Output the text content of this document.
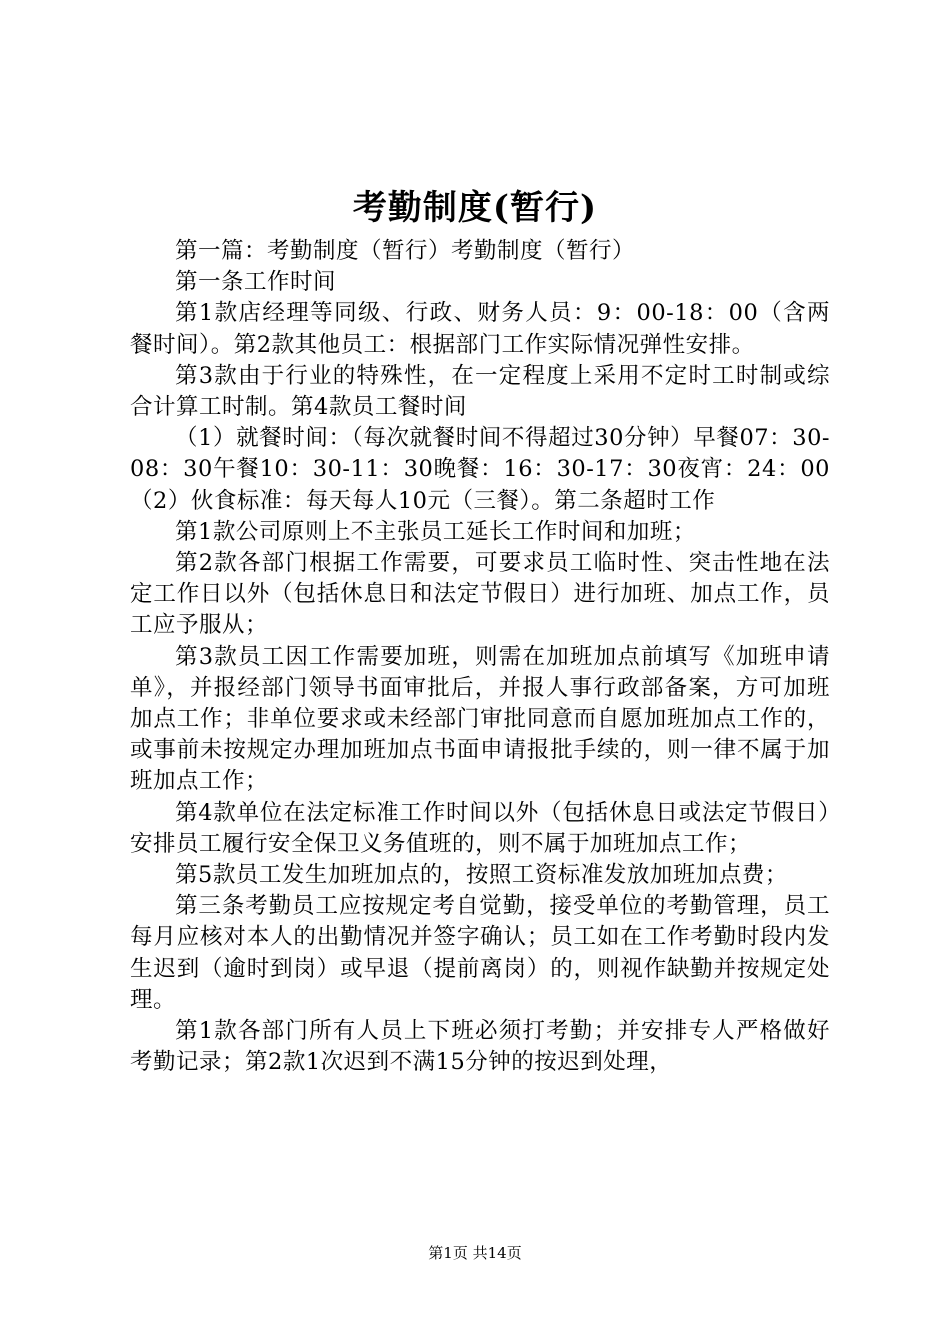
考勤制度(暂行)

第一篇：考勤制度（暂行）考勤制度（暂行）

第一条工作时间

第1款店经理等同级、行政、财务人员：9：00-18：00（含两餐时间）。第2款其他员工：根据部门工作实际情况弹性安排。

第3款由于行业的特殊性，在一定程度上采用不定时工时制或综合计算工时制。第4款员工餐时间

（1）就餐时间：（每次就餐时间不得超过30分钟）早餐07：30-08：30午餐10：30-11：30晚餐：16：30-17：30夜宵：24：00（2）伙食标准：每天每人10元（三餐）。第二条超时工作

第1款公司原则上不主张员工延长工作时间和加班；

第2款各部门根据工作需要，可要求员工临时性、突击性地在法定工作日以外（包括休息日和法定节假日）进行加班、加点工作，员工应予服从；

第3款员工因工作需要加班，则需在加班加点前填写《加班申请单》，并报经部门领导书面审批后，并报人事行政部备案，方可加班加点工作；非单位要求或未经部门审批同意而自愿加班加点工作的，或事前未按规定办理加班加点书面申请报批手续的，则一律不属于加班加点工作；

第4款单位在法定标准工作时间以外（包括休息日或法定节假日）安排员工履行安全保卫义务值班的，则不属于加班加点工作；

第5款员工发生加班加点的，按照工资标准发放加班加点费；

第三条考勤员工应按规定考自觉勤，接受单位的考勤管理，员工每月应核对本人的出勤情况并签字确认；员工如在工作考勤时段内发生迟到（逾时到岗）或早退（提前离岗）的，则视作缺勤并按规定处理。

第1款各部门所有人员上下班必须打考勤；并安排专人严格做好考勤记录；第2款1次迟到不满15分钟的按迟到处理，

第1页 共14页
